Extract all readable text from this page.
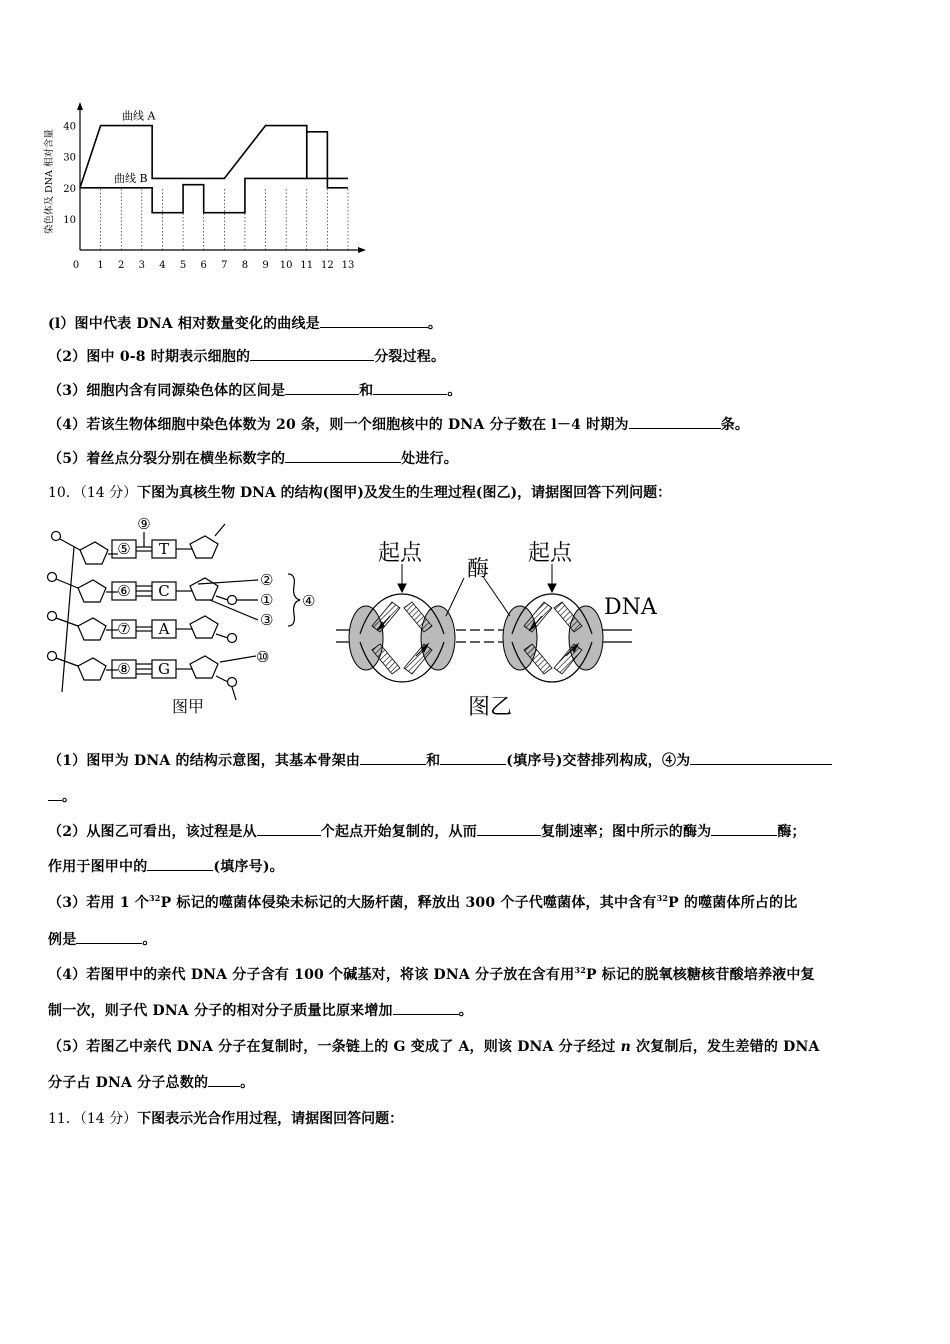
40
30
20
10
0 1 2 3 4 5 6 7 8 9 10 11 12 13
曲线 A
曲线 B
染色体及 DNA 相对含量
(l）图中代表 DNA 相对数量变化的曲线是	。
（2）图中 0-8 时期表示细胞的	分裂过程。
（3）细胞内含有同源染色体的区间是	和	。
（4）若该生物体细胞中染色体数为 20 条，则一个细胞核中的 DNA 分子数在 l－4 时期为	条。
（5）着丝点分裂分别在横坐标数字的	处进行。
10．（14 分）下图为真核生物 DNA 的结构(图甲)及发生的生理过程(图乙)，请据图回答下列问题：
⑤
⑥
⑦
⑧
T
C
A
G
⑨
②
①
③
④
⑩
图甲
起点	起点
酶
DNA
图乙
（1）图甲为 DNA 的结构示意图，其基本骨架由	和	(填序号)交替排列构成，④为
。
（2）从图乙可看出，该过程是从	个起点开始复制的，从而	复制速率；图中所示的酶为	酶；
作用于图甲中的	(填序号)。
（3）若用 1 个$^{32}$P 标记的噬菌体侵染未标记的大肠杆菌，释放出 300 个子代噬菌体，其中含有$^{32}$P 的噬菌体所占的比
例是	。
（4）若图甲中的亲代 DNA 分子含有 100 个碱基对，将该 DNA 分子放在含有用$^{32}$P 标记的脱氧核糖核苷酸培养液中复
制一次，则子代 DNA 分子的相对分子质量比原来增加	。
（5）若图乙中亲代 DNA 分子在复制时，一条链上的 G 变成了 A，则该 DNA 分子经过 n 次复制后，发生差错的 DNA
分子占 DNA 分子总数的 。
11．（14 分）下图表示光合作用过程，请据图回答问题：
